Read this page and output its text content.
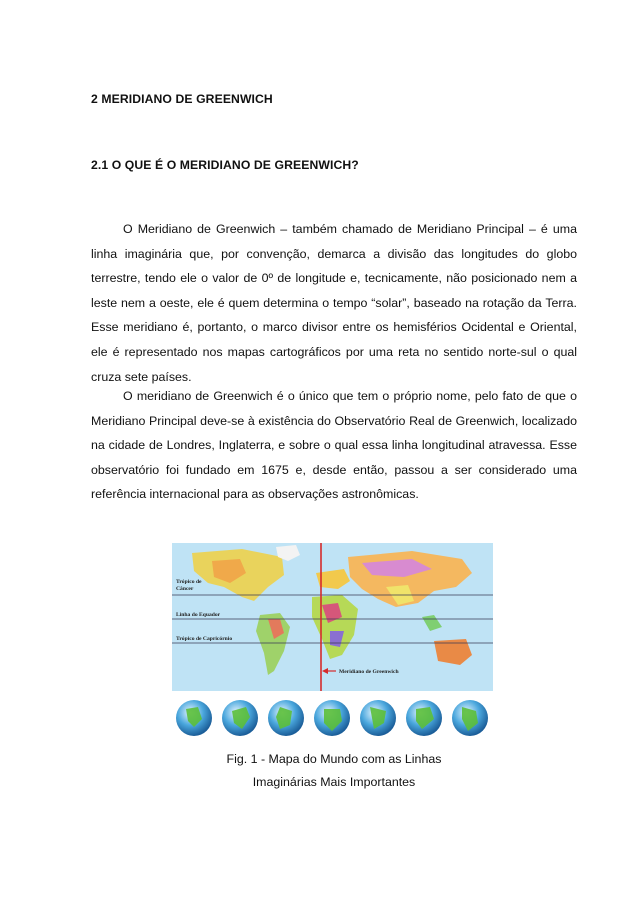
2 MERIDIANO DE GREENWICH
2.1 O QUE É O MERIDIANO DE GREENWICH?

O Meridiano de Greenwich – também chamado de Meridiano Principal – é uma linha imaginária que, por convenção, demarca a divisão das longitudes do globo terrestre, tendo ele o valor de 0º de longitude e, tecnicamente, não posicionado nem a leste nem a oeste, ele é quem determina o tempo “solar”, baseado na rotação da Terra. Esse meridiano é, portanto, o marco divisor entre os hemisférios Ocidental e Oriental, ele é representado nos mapas cartográficos por uma reta no sentido norte-sul o qual cruza sete países.

O meridiano de Greenwich é o único que tem o próprio nome, pelo fato de que o Meridiano Principal deve-se à existência do Observatório Real de Greenwich, localizado na cidade de Londres, Inglaterra, e sobre o qual essa linha longitudinal atravessa. Esse observatório foi fundado em 1675 e, desde então, passou a ser considerado uma referência internacional para as observações astronômicas.

Trópico de
Câncer
Linha do Equador
Trópico de Capricórnio
Meridiano de Greenwich

Fig. 1 - Mapa do Mundo com as Linhas

Imaginárias Mais Importantes
